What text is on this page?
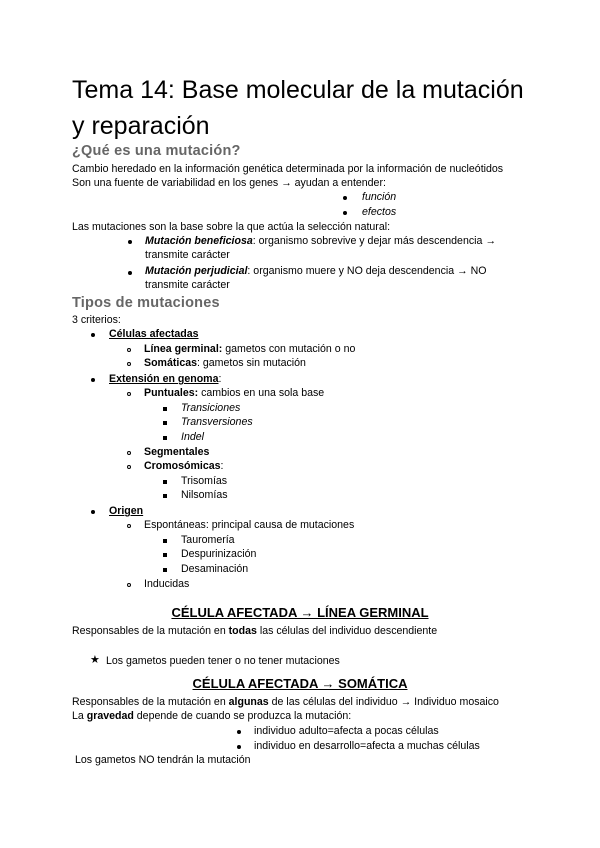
Tema 14: Base molecular de la mutación y reparación
¿Qué es una mutación?

Cambio heredado en la información genética determinada por la información de nucleótidos

Son una fuente de variabilidad en los genes → ayudan a entender:

función
efectos

Las mutaciones son la base sobre la que actúa la selección natural:

Mutación beneficiosa: organismo sobrevive y dejar más descendencia →

transmite carácter

Mutación perjudicial: organismo muere y NO deja descendencia → NO

transmite carácter

Tipos de mutaciones

3 criterios:

Células afectadas

Línea germinal: gametos con mutación o no

Somáticas: gametos sin mutación

Extensión en genoma:

Puntuales: cambios en una sola base

Transiciones
Transversiones
Indel
Segmentales

Cromosómicas:

Trisomías
Nilsomías
Origen
Espontáneas: principal causa de mutaciones
Tauromería
Despurinización
Desaminación
Inducidas
CÉLULA AFECTADA → LÍNEA GERMINAL

Responsables de la mutación en todas las células del individuo descendiente

★ Los gametos pueden tener o no tener mutaciones
CÉLULA AFECTADA → SOMÁTICA

Responsables de la mutación en algunas de las células del individuo → Individuo mosaico

La gravedad depende de cuando se produzca la mutación:

individuo adulto=afecta a pocas células
individuo en desarrollo=afecta a muchas células

Los gametos NO tendrán la mutación
